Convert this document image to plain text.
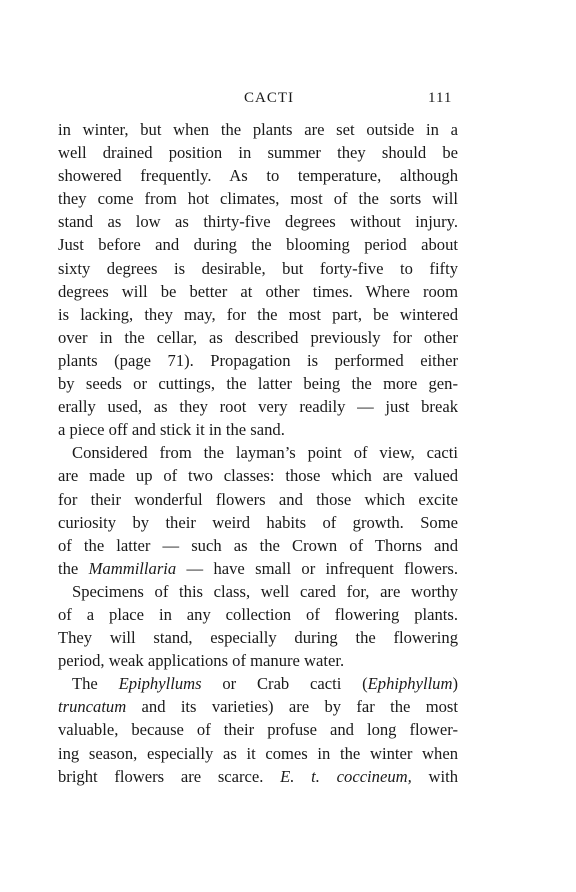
CACTI	111
in winter, but when the plants are set outside in a
well drained position in summer they should be
showered frequently. As to temperature, although
they come from hot climates, most of the sorts will
stand as low as thirty-five degrees without injury.
Just before and during the blooming period about
sixty degrees is desirable, but forty-five to fifty
degrees will be better at other times. Where room
is lacking, they may, for the most part, be wintered
over in the cellar, as described previously for other
plants (page 71). Propagation is performed either
by seeds or cuttings, the latter being the more gen-
erally used, as they root very readily — just break
a piece off and stick it in the sand.
Considered from the layman’s point of view, cacti
are made up of two classes: those which are valued
for their wonderful flowers and those which excite
curiosity by their weird habits of growth. Some
of the latter — such as the Crown of Thorns and
the Mammillaria — have small or infrequent flowers.
Specimens of this class, well cared for, are worthy
of a place in any collection of flowering plants.
They will stand, especially during the flowering
period, weak applications of manure water.
The Epiphyllums or Crab cacti (Ephiphyllum)
truncatum and its varieties) are by far the most
valuable, because of their profuse and long flower-
ing season, especially as it comes in the winter when
bright flowers are scarce. E. t. coccineum, with
